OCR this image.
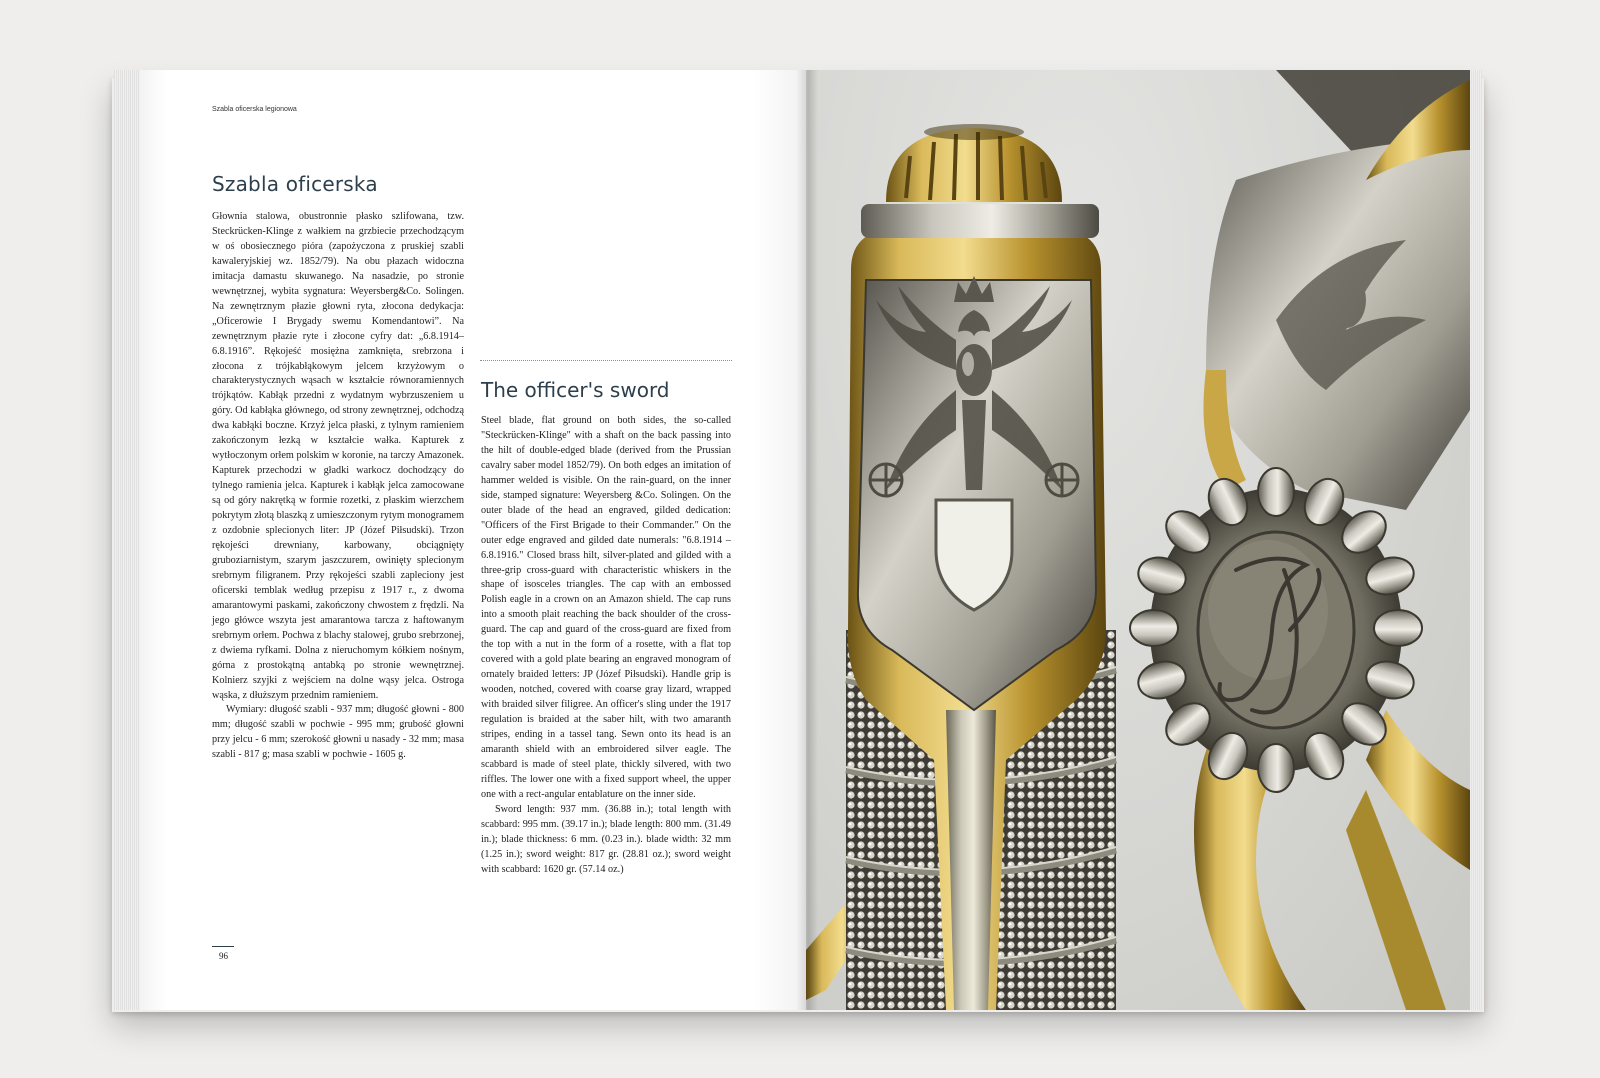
Szabla oficerska legionowa
Szabla oficerska

Głownia stalowa, obustronnie płasko szlifowana, tzw. Steckrücken-Klinge z wałkiem na grzbiecie przechodzącym w oś obosiecznego pióra (zapożyczona z pruskiej szabli kawaleryjskiej wz. 1852/79). Na obu płazach widoczna imitacja damastu skuwanego. Na nasadzie, po stronie wewnętrznej, wybita sygnatura: Weyersberg&Co. Solingen. Na zewnętrznym płazie głowni ryta, złocona dedykacja: „Oficerowie I Brygady swemu Komendantowi”. Na zewnętrznym płazie ryte i złocone cyfry dat: „6.8.1914–6.8.1916”. Rękojeść mosiężna zamknięta, srebrzona i złocona z trójkabłąkowym jelcem krzyżowym o charakterystycznych wąsach w kształcie równoramiennych trójkątów. Kabłąk przedni z wydatnym wybrzuszeniem u góry. Od kabłąka głównego, od strony zewnętrznej, odchodzą dwa kabłąki boczne. Krzyż jelca płaski, z tylnym ramieniem zakończonym łezką w kształcie wałka. Kapturek z wytłoczonym orłem polskim w koronie, na tarczy Amazonek. Kapturek przechodzi w gładki warkocz dochodzący do tylnego ramienia jelca. Kapturek i kabłąk jelca zamocowane są od góry nakrętką w formie rozetki, z płaskim wierzchem pokrytym złotą blaszką z umieszczonym rytym monogramem z ozdobnie splecionych liter: JP (Józef Piłsudski). Trzon rękojeści drewniany, karbowany, obciągnięty gruboziarnistym, szarym jaszczurem, owinięty splecionym srebrnym filigranem. Przy rękojeści szabli zapleciony jest oficerski temblak według przepisu z 1917 r., z dwoma amarantowymi paskami, zakończony chwostem z frędzli. Na jego główce wszyta jest amarantowa tarcza z haftowanym srebrnym orłem. Pochwa z blachy stalowej, grubo srebrzonej, z dwiema ryfkami. Dolna z nieruchomym kółkiem nośnym, górna z prostokątną antabką po stronie wewnętrznej. Kolnierz szyjki z wejściem na dolne wąsy jelca. Ostroga wąska, z dłuższym przednim ramieniem.

Wymiary: długość szabli - 937 mm; długość głowni - 800 mm; długość szabli w pochwie - 995 mm; grubość głowni przy jelcu - 6 mm; szerokość głowni u nasady - 32 mm; masa szabli - 817 g; masa szabli w pochwie - 1605 g.

The officer's sword

Steel blade, flat ground on both sides, the so-called "Steckrücken-Klinge" with a shaft on the back passing into the hilt of double-edged blade (derived from the Prussian cavalry saber model 1852/79). On both edges an imitation of hammer welded is visible. On the rain-guard, on the inner side, stamped signature: Weyersberg &Co. Solingen. On the outer blade of the head an engraved, gilded dedication: "Officers of the First Brigade to their Commander." On the outer edge engraved and gilded date numerals: "6.8.1914 – 6.8.1916." Closed brass hilt, silver-plated and gilded with a three-grip cross-guard with characteristic whiskers in the shape of isosceles triangles. The cap with an embossed Polish eagle in a crown on an Amazon shield. The cap runs into a smooth plait reaching the back shoulder of the cross-guard. The cap and guard of the cross-guard are fixed from the top with a nut in the form of a rosette, with a flat top covered with a gold plate bearing an engraved monogram of ornately braided letters: JP (Józef Piłsudski). Handle grip is wooden, notched, covered with coarse gray lizard, wrapped with braided silver filigree. An officer's sling under the 1917 regulation is braided at the saber hilt, with two amaranth stripes, ending in a tassel tang. Sewn onto its head is an amaranth shield with an embroidered silver eagle. The scabbard is made of steel plate, thickly silvered, with two riffles. The lower one with a fixed support wheel, the upper one with a rect-angular entablature on the inner side.

Sword length: 937 mm. (36.88 in.); total length with scabbard: 995 mm. (39.17 in.); blade length: 800 mm. (31.49 in.); blade thickness: 6 mm. (0.23 in.). blade width: 32 mm (1.25 in.); sword weight: 817 gr. (28.81 oz.); sword weight with scabbard: 1620 gr. (57.14 oz.)

96
